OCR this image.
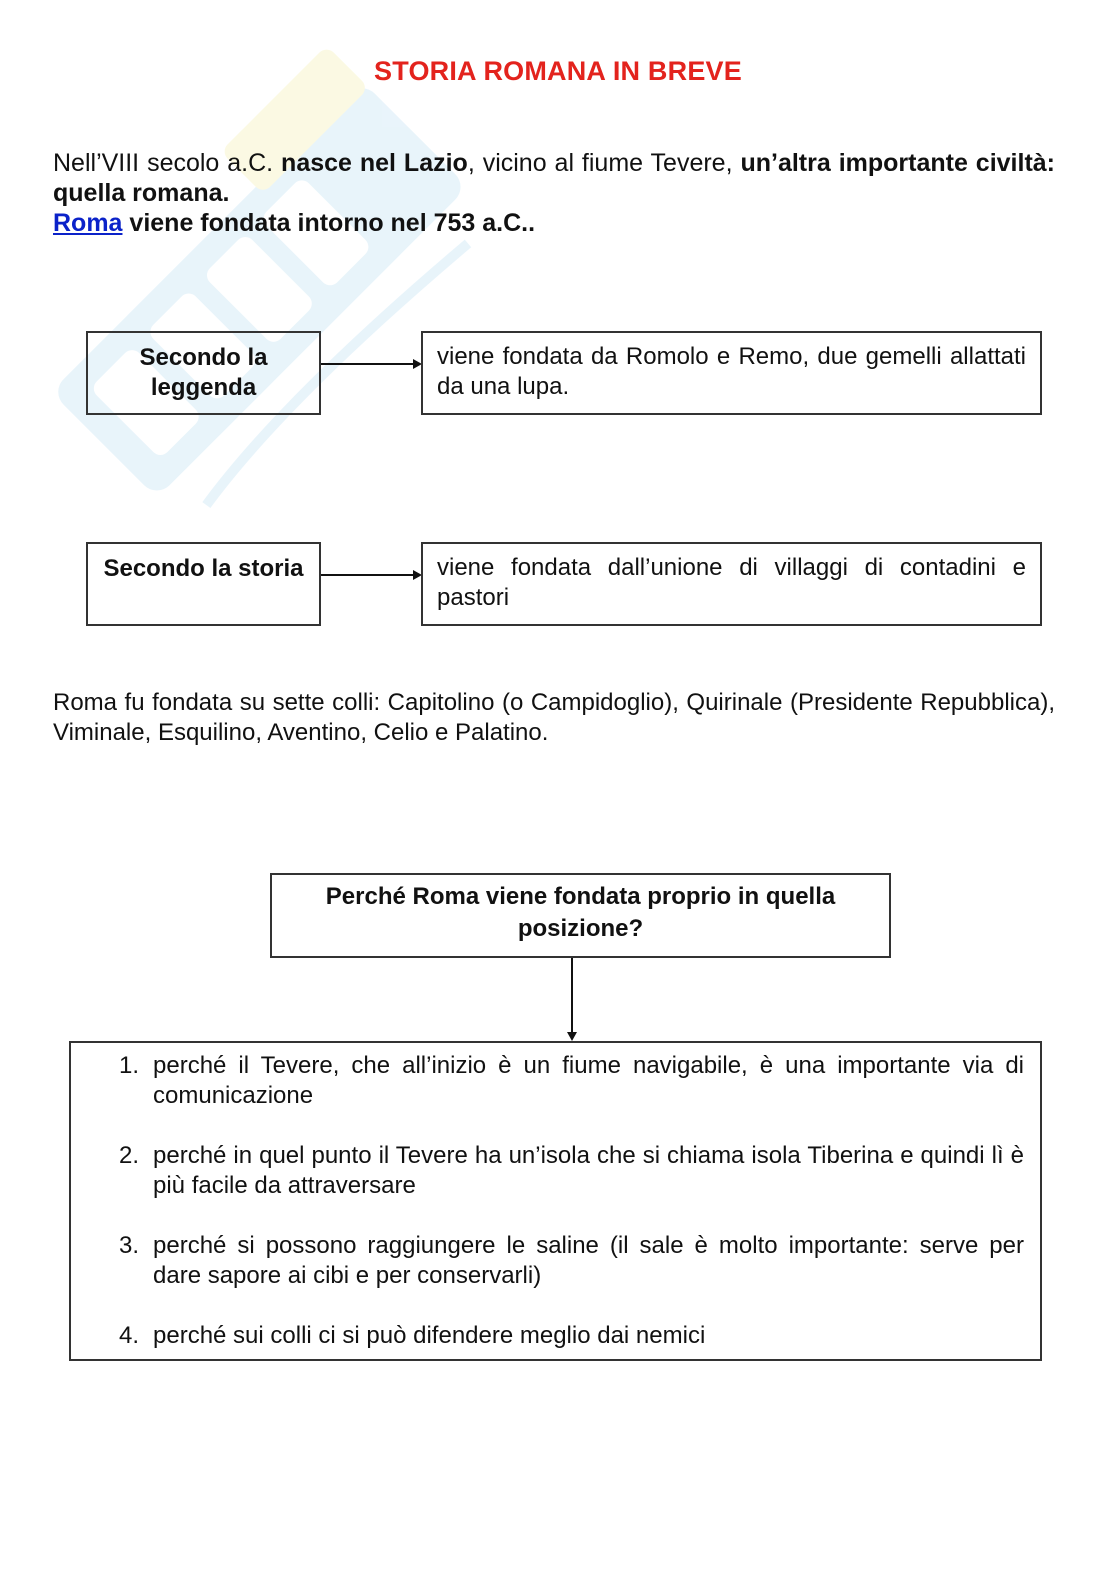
STORIA ROMANA IN BREVE

Nell’VIII secolo a.C. nasce nel Lazio, vicino al fiume Tevere, un’altra importante civiltà: quella romana.

Roma viene fondata intorno nel 753 a.C..

Secondo la leggenda
viene fondata da Romolo e Remo, due gemelli allattati da una lupa.
Secondo la storia	viene fondata dall’unione di villaggi di contadini e pastori
Roma fu fondata su sette colli: Capitolino (o Campidoglio), Quirinale (Presidente Repubblica), Viminale, Esquilino, Aventino, Celio e Palatino.
Perché Roma viene fondata proprio in quella posizione?
1. perché il Tevere, che all’inizio è un fiume navigabile, è una importante via di comunicazione
2. perché in quel punto il Tevere ha un’isola che si chiama isola Tiberina e quindi lì è più facile da attraversare
3. perché si possono raggiungere le saline (il sale è molto importante: serve per dare sapore ai cibi e per conservarli)
4. perché sui colli ci si può difendere meglio dai nemici
